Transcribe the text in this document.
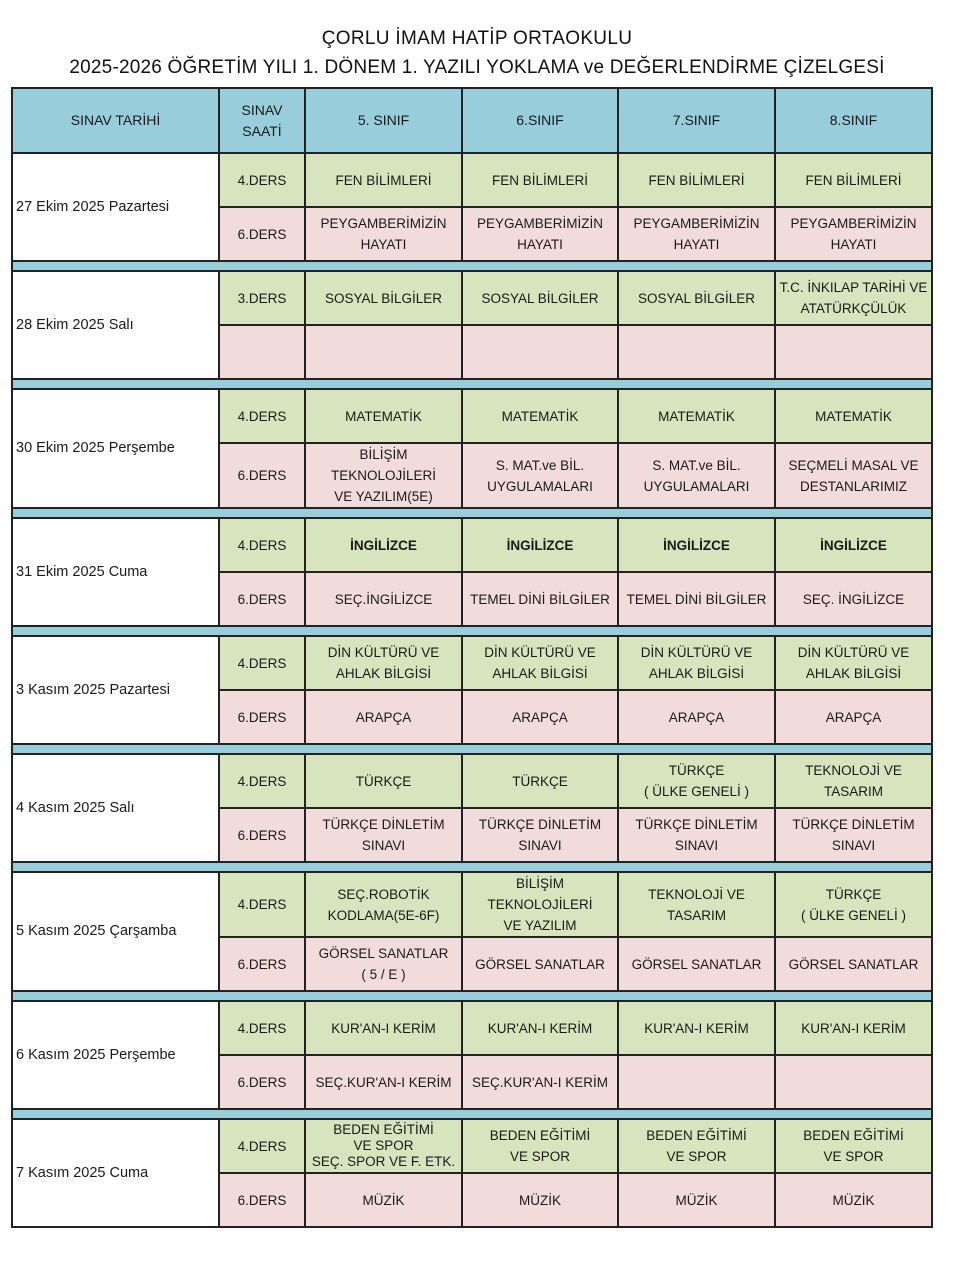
ÇORLU İMAM HATİP ORTAOKULU
2025-2026 ÖĞRETİM YILI 1. DÖNEM 1. YAZILI YOKLAMA ve DEĞERLENDİRME ÇİZELGESİ
SINAV TARİHİ	SINAV
SAATİ	5. SINIF	6.SINIF	7.SINIF	8.SINIF
27 Ekim 2025 Pazartesi	4.DERS	FEN BİLİMLERİ	FEN BİLİMLERİ	FEN BİLİMLERİ	FEN BİLİMLERİ

	6.DERS	PEYGAMBERİMİZİN
HAYATI	PEYGAMBERİMİZİN
HAYATI	PEYGAMBERİMİZİN
HAYATI	PEYGAMBERİMİZİN
HAYATI

28 Ekim 2025 Salı	3.DERS	SOSYAL BİLGİLER	SOSYAL BİLGİLER	SOSYAL BİLGİLER	T.C. İNKILAP TARİHİ VE
ATATÜRKÇÜLÜK

30 Ekim 2025 Perşembe	4.DERS	MATEMATİK	MATEMATİK	MATEMATİK	MATEMATİK

	6.DERS	BİLİŞİM TEKNOLOJİLERİ
VE YAZILIM(5E)	S. MAT.ve BİL.
UYGULAMALARI	S. MAT.ve BİL.
UYGULAMALARI	SEÇMELİ MASAL VE
DESTANLARIMIZ

31 Ekim 2025 Cuma	4.DERS	İNGİLİZCE	İNGİLİZCE	İNGİLİZCE	İNGİLİZCE

	6.DERS	SEÇ.İNGİLİZCE	TEMEL DİNİ BİLGİLER	TEMEL DİNİ BİLGİLER	SEÇ. İNGİLİZCE

3 Kasım 2025 Pazartesi	4.DERS	DİN KÜLTÜRÜ VE
AHLAK BİLGİSİ	DİN KÜLTÜRÜ VE
AHLAK BİLGİSİ	DİN KÜLTÜRÜ VE
AHLAK BİLGİSİ	DİN KÜLTÜRÜ VE
AHLAK BİLGİSİ

	6.DERS	ARAPÇA	ARAPÇA	ARAPÇA	ARAPÇA

4 Kasım 2025 Salı	4.DERS	TÜRKÇE	TÜRKÇE	TÜRKÇE
( ÜLKE GENELİ )	TEKNOLOJİ VE
TASARIM

	6.DERS	TÜRKÇE DİNLETİM
SINAVI	TÜRKÇE DİNLETİM
SINAVI	TÜRKÇE DİNLETİM
SINAVI	TÜRKÇE DİNLETİM
SINAVI

5 Kasım 2025 Çarşamba	4.DERS	SEÇ.ROBOTİK
KODLAMA(5E-6F)	BİLİŞİM TEKNOLOJİLERİ
VE YAZILIM	TEKNOLOJİ VE
TASARIM	TÜRKÇE
( ÜLKE GENELİ )

	6.DERS	GÖRSEL SANATLAR
( 5 / E )	GÖRSEL SANATLAR	GÖRSEL SANATLAR	GÖRSEL SANATLAR

6 Kasım 2025 Perşembe	4.DERS	KUR'AN-I KERİM	KUR'AN-I KERİM	KUR'AN-I KERİM	KUR'AN-I KERİM

	6.DERS	SEÇ.KUR'AN-I KERİM	SEÇ.KUR'AN-I KERİM		

7 Kasım 2025 Cuma	4.DERS	BEDEN EĞİTİMİ
VE SPOR
SEÇ. SPOR VE F. ETK.	BEDEN EĞİTİMİ
VE SPOR	BEDEN EĞİTİMİ
VE SPOR	BEDEN EĞİTİMİ
VE SPOR

	6.DERS	MÜZİK	MÜZİK	MÜZİK	MÜZİK
